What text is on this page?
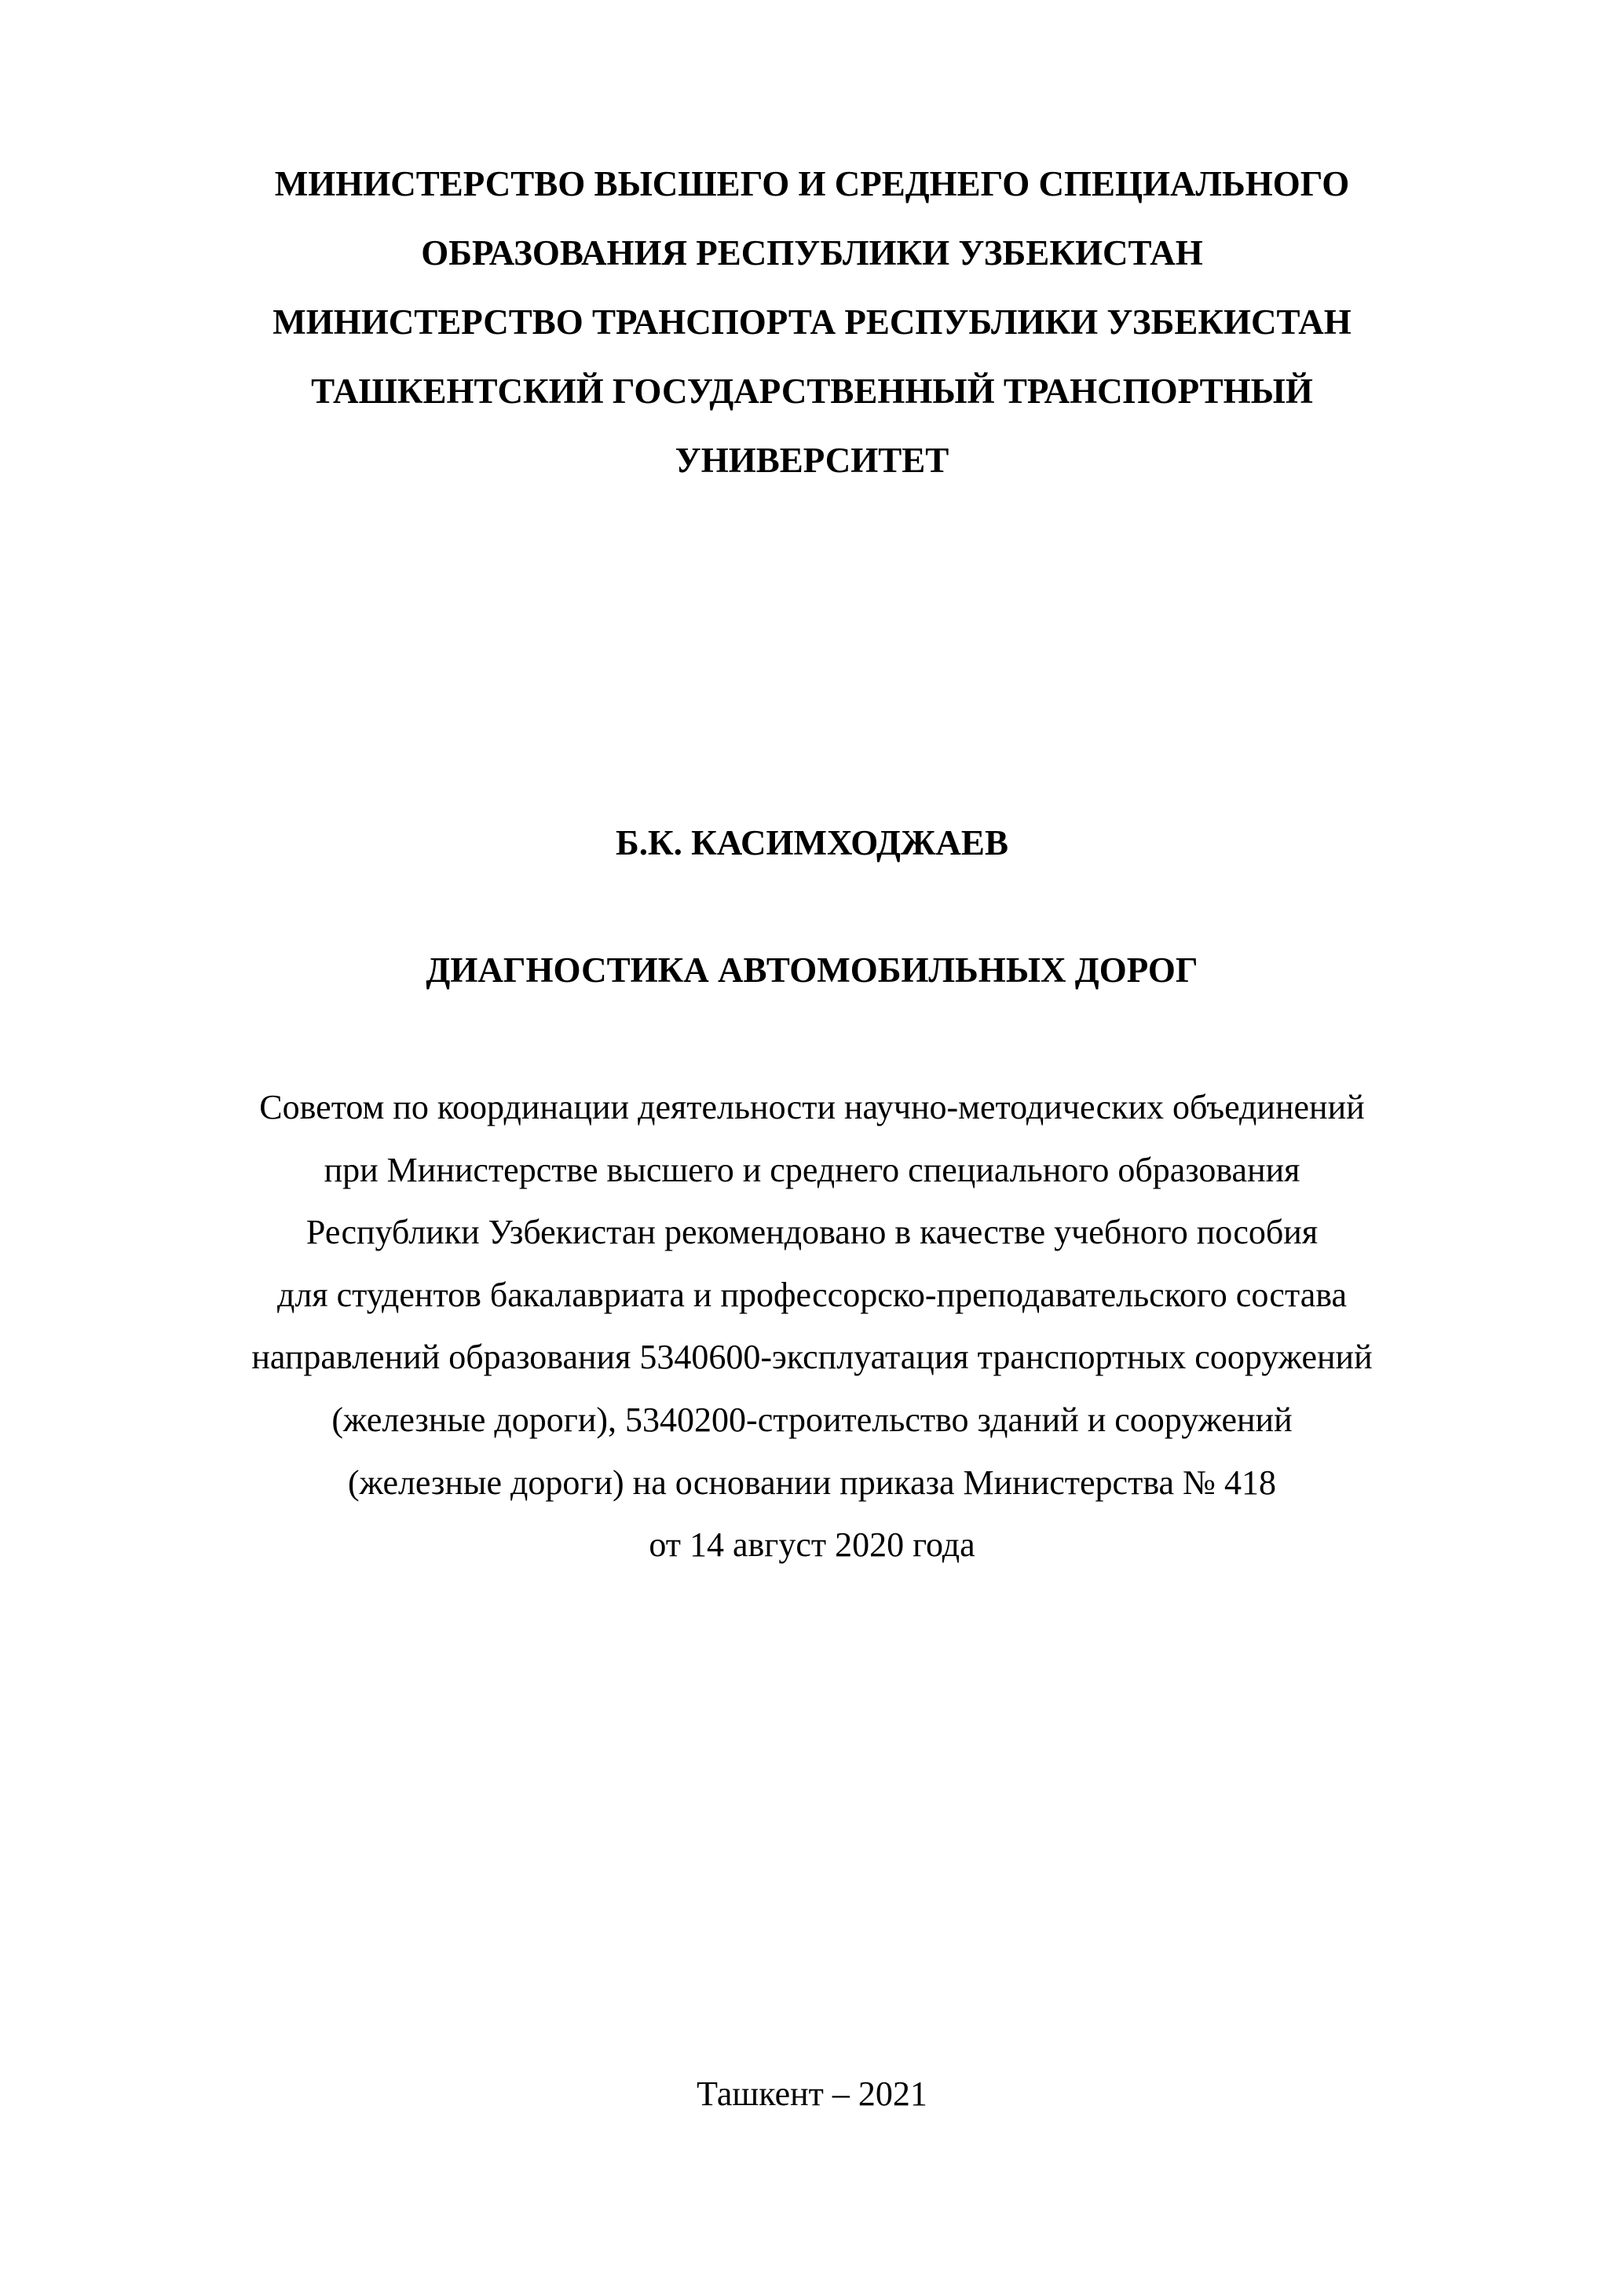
МИНИСТЕРСТВО ВЫСШЕГО И СРЕДНЕГО СПЕЦИАЛЬНОГО
ОБРАЗОВАНИЯ РЕСПУБЛИКИ УЗБЕКИСТАН
МИНИСТЕРСТВО ТРАНСПОРТА РЕСПУБЛИКИ УЗБЕКИСТАН
ТАШКЕНТСКИЙ ГОСУДАРСТВЕННЫЙ ТРАНСПОРТНЫЙ
УНИВЕРСИТЕТ
Б.К. КАСИМХОДЖАЕВ
ДИАГНОСТИКА АВТОМОБИЛЬНЫХ ДОРОГ
Советом по координации деятельности научно-методических объединений
при Министерстве высшего и среднего специального образования
Республики Узбекистан рекомендовано в качестве учебного пособия
для студентов бакалавриата и профессорско-преподавательского состава
направлений образования 5340600-эксплуатация транспортных сооружений
(железные дороги), 5340200-строительство зданий и сооружений
(железные дороги) на основании приказа Министерства № 418
от 14 август 2020 года
Ташкент – 2021
